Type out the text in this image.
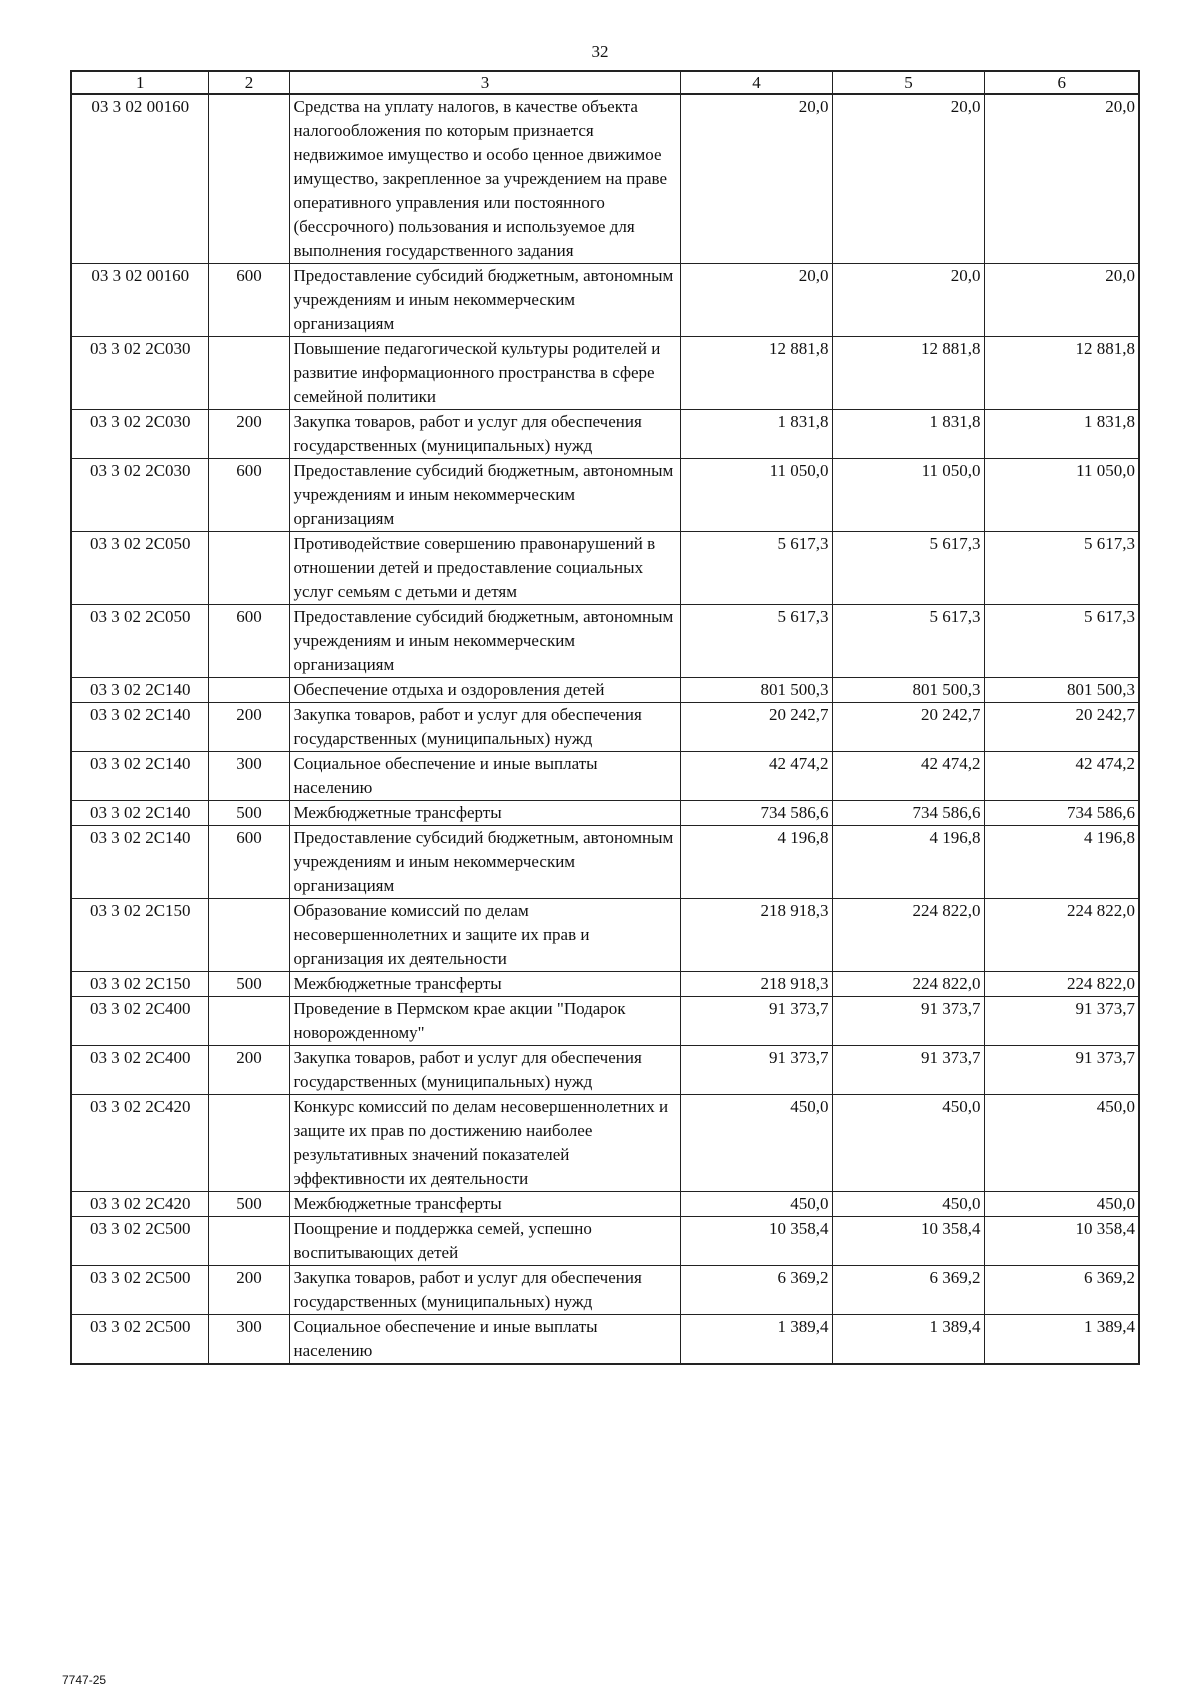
32
1	2	3	4	5	6
03 3 02 00160		Средства на уплату налогов, в качестве объекта налогообложения по которым признается недвижимое имущество и особо ценное движимое имущество, закрепленное за учреждением на праве оперативного управления или постоянного (бессрочного) пользования и используемое для выполнения государственного задания	20,0	20,0	20,0
03 3 02 00160	600	Предоставление субсидий бюджетным, автономным учреждениям и иным некоммерческим организациям	20,0	20,0	20,0
03 3 02 2С030		Повышение педагогической культуры родителей и развитие информационного пространства в сфере семейной политики	12 881,8	12 881,8	12 881,8
03 3 02 2С030	200	Закупка товаров, работ и услуг для обеспечения государственных (муниципальных) нужд	1 831,8	1 831,8	1 831,8
03 3 02 2С030	600	Предоставление субсидий бюджетным, автономным учреждениям и иным некоммерческим организациям	11 050,0	11 050,0	11 050,0
03 3 02 2С050		Противодействие совершению правонарушений в отношении детей и предоставление социальных услуг семьям с детьми и детям	5 617,3	5 617,3	5 617,3
03 3 02 2С050	600	Предоставление субсидий бюджетным, автономным учреждениям и иным некоммерческим организациям	5 617,3	5 617,3	5 617,3
03 3 02 2С140		Обеспечение отдыха и оздоровления детей	801 500,3	801 500,3	801 500,3
03 3 02 2С140	200	Закупка товаров, работ и услуг для обеспечения государственных (муниципальных) нужд	20 242,7	20 242,7	20 242,7
03 3 02 2С140	300	Социальное обеспечение и иные выплаты населению	42 474,2	42 474,2	42 474,2
03 3 02 2С140	500	Межбюджетные трансферты	734 586,6	734 586,6	734 586,6
03 3 02 2С140	600	Предоставление субсидий бюджетным, автономным учреждениям и иным некоммерческим организациям	4 196,8	4 196,8	4 196,8
03 3 02 2С150		Образование комиссий по делам несовершеннолетних и защите их прав и организация их деятельности	218 918,3	224 822,0	224 822,0
03 3 02 2С150	500	Межбюджетные трансферты	218 918,3	224 822,0	224 822,0
03 3 02 2С400		Проведение в Пермском крае акции "Подарок новорожденному"	91 373,7	91 373,7	91 373,7
03 3 02 2С400	200	Закупка товаров, работ и услуг для обеспечения государственных (муниципальных) нужд	91 373,7	91 373,7	91 373,7
03 3 02 2С420		Конкурс комиссий по делам несовершеннолетних и защите их прав по достижению наиболее результативных значений показателей эффективности их деятельности	450,0	450,0	450,0
03 3 02 2С420	500	Межбюджетные трансферты	450,0	450,0	450,0
03 3 02 2С500		Поощрение и поддержка семей, успешно воспитывающих детей	10 358,4	10 358,4	10 358,4
03 3 02 2С500	200	Закупка товаров, работ и услуг для обеспечения государственных (муниципальных) нужд	6 369,2	6 369,2	6 369,2
03 3 02 2С500	300	Социальное обеспечение и иные выплаты населению	1 389,4	1 389,4	1 389,4
7747-25
